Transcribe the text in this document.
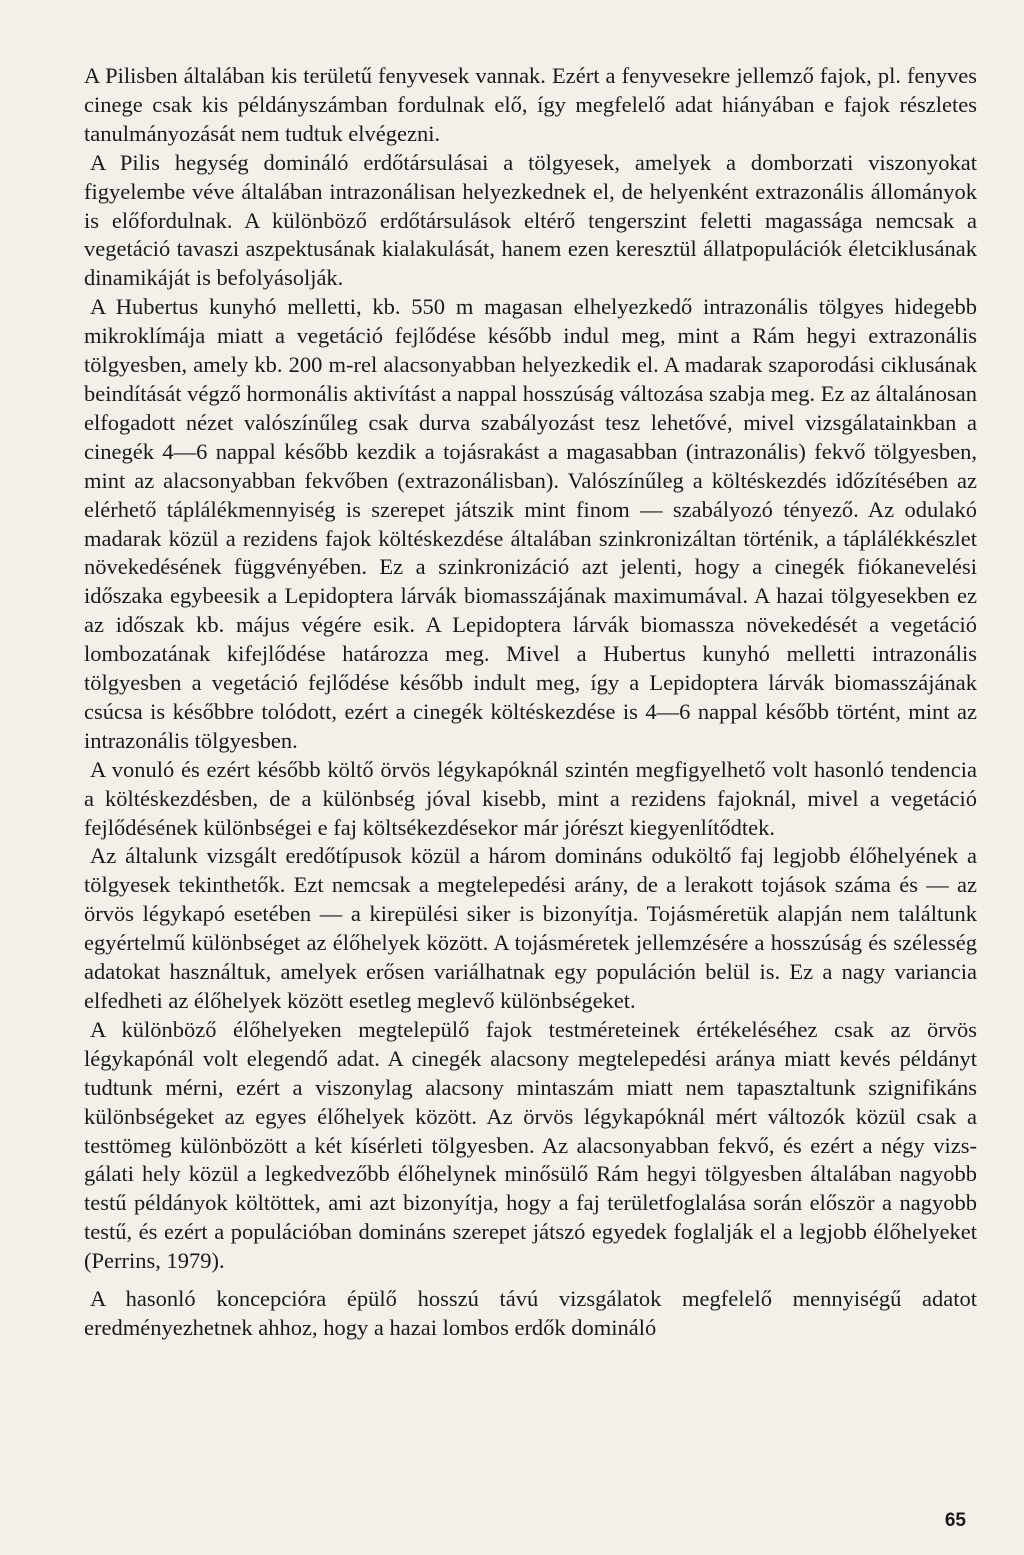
A Pilisben általában kis területű fenyvesek vannak. Ezért a fenyvesekre jellemző fajok, pl. fenyves cinege csak kis példányszámban fordulnak elő, így megfelelő adat hiányában e fajok részletes tanulmányozását nem tudtuk elvégezni.

A Pilis hegység domináló erdőtársulásai a tölgyesek, amelyek a domborzati viszonyokat figyelembe véve általában intrazonálisan helyezkednek el, de helyenként extrazonális állományok is előfordulnak. A különböző erdőtársulások eltérő tengerszint feletti magassága nemcsak a vegetáció tavaszi aszpektusának kialakulását, hanem ezen keresztül állatpopulációk életciklusának dinamikáját is befolyásolják.

A Hubertus kunyhó melletti, kb. 550 m magasan elhelyezkedő intrazonális tölgyes hidegebb mikroklímája miatt a vegetáció fejlődése később indul meg, mint a Rám hegyi extrazonális tölgyesben, amely kb. 200 m-rel alacsonyabban helyezkedik el. A madarak szaporodási ciklusának beindítását végző hormonális aktivítást a nappal hosszúság változása szabja meg. Ez az általánosan elfogadott nézet valószínűleg csak durva szabályozást tesz lehetővé, mivel vizsgálatainkban a cinegék 4—6 nappal később kezdik a tojásrakást a magasabban (intrazonális) fekvő tölgyesben, mint az alacsonyabban fekvőben (extrazonálisban). Valószínűleg a költéskezdés időzítésében az elérhető táplálékmennyiség is szerepet játszik mint finom — szabályozó tényező. Az odulakó madarak közül a rezidens fajok költéskezdése általában szinkronizáltan történik, a táplálékkészlet növekedésének függvényében. Ez a szinkronizáció azt jelenti, hogy a cinegék fiókanevelési időszaka egybeesik a Lepidoptera lárvák biomasszájának maximumával. A hazai tölgyesekben ez az időszak kb. május végére esik. A Lepidoptera lárvák biomassza növekedését a vegetáció lombozatának kifejlődése határozza meg. Mivel a Hubertus kunyhó melletti intrazonális tölgyesben a vegetáció fejlődése később indult meg, így a Lepidoptera lárvák biomasszájának csúcsa is későbbre tolódott, ezért a cinegék költéskezdése is 4—6 nappal később történt, mint az intrazonális tölgyesben.

A vonuló és ezért később költő örvös légykapóknál szintén megfigyelhető volt hasonló tendencia a költéskezdésben, de a különbség jóval kisebb, mint a rezidens fajoknál, mivel a vegetáció fejlődésének különbségei e faj költsékezdésekor már jórészt kiegyenlítődtek.

Az általunk vizsgált eredőtípusok közül a három domináns oduköltő faj legjobb élőhelyének a tölgyesek tekinthetők. Ezt nemcsak a megtelepedési arány, de a lerakott tojások száma és — az örvös légykapó esetében — a kirepülési siker is bizonyítja. Tojásméretük alapján nem találtunk egyértelmű különbséget az élőhelyek között. A tojásméretek jellemzésére a hosszúság és szélesség adatokat használtuk, amelyek erősen variálhatnak egy populáción belül is. Ez a nagy variancia elfedheti az élőhelyek között esetleg meglevő különbségeket.

A különböző élőhelyeken megtelepülő fajok testméreteinek értékeléséhez csak az örvös légykapónál volt elegendő adat. A cinegék alacsony megtelepedési aránya miatt kevés példányt tudtunk mérni, ezért a viszonylag alacsony mintaszám miatt nem tapasztaltunk szignifikáns különbségeket az egyes élőhelyek között. Az örvös légykapóknál mért változók közül csak a testtömeg különbözött a két kísérleti tölgyesben. Az alacsonyabban fekvő, és ezért a négy vizsgálati hely közül a legkedvezőbb élőhelynek minősülő Rám hegyi tölgyesben általában nagyobb testű példányok költöttek, ami azt bizonyítja, hogy a faj területfoglalása során először a nagyobb testű, és ezért a populációban domináns szerepet játszó egyedek foglalják el a legjobb élőhelyeket (Perrins, 1979).

A hasonló koncepcióra épülő hosszú távú vizsgálatok megfelelő mennyiségű adatot eredményezhetnek ahhoz, hogy a hazai lombos erdők domináló

65
